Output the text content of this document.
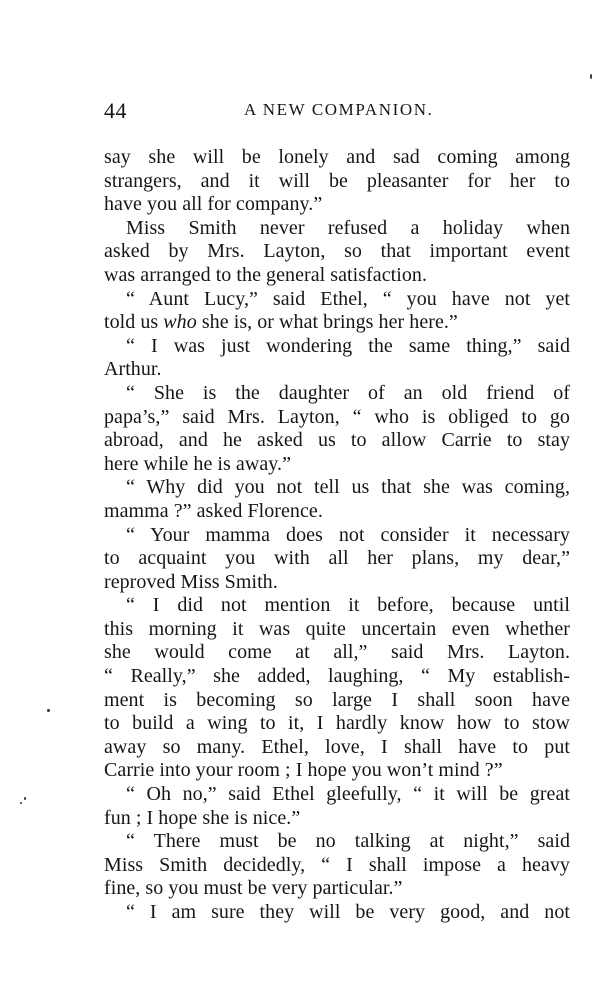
44	A NEW COMPANION.
say she will be lonely and sad coming among
strangers, and it will be pleasanter for her to
have you all for company.”
Miss Smith never refused a holiday when
asked by Mrs. Layton, so that important event
was arranged to the general satisfaction.
“ Aunt Lucy,” said Ethel, “ you have not yet
told us who she is, or what brings her here.”
“ I was just wondering the same thing,” said
Arthur.
“ She is the daughter of an old friend of
papa’s,” said Mrs. Layton, “ who is obliged to go
abroad, and he asked us to allow Carrie to stay
here while he is away.”
“ Why did you not tell us that she was coming,
mamma ?” asked Florence.
“ Your mamma does not consider it necessary
to acquaint you with all her plans, my dear,”
reproved Miss Smith.
“ I did not mention it before, because until
this morning it was quite uncertain even whether
she would come at all,” said Mrs. Layton.
“ Really,” she added, laughing, “ My establish-
ment is becoming so large I shall soon have
to build a wing to it, I hardly know how to stow
away so many. Ethel, love, I shall have to put
Carrie into your room ; I hope you won’t mind ?”
“ Oh no,” said Ethel gleefully, “ it will be great
fun ; I hope she is nice.”
“ There must be no talking at night,” said
Miss Smith decidedly, “ I shall impose a heavy
fine, so you must be very particular.”
“ I am sure they will be very good, and not
